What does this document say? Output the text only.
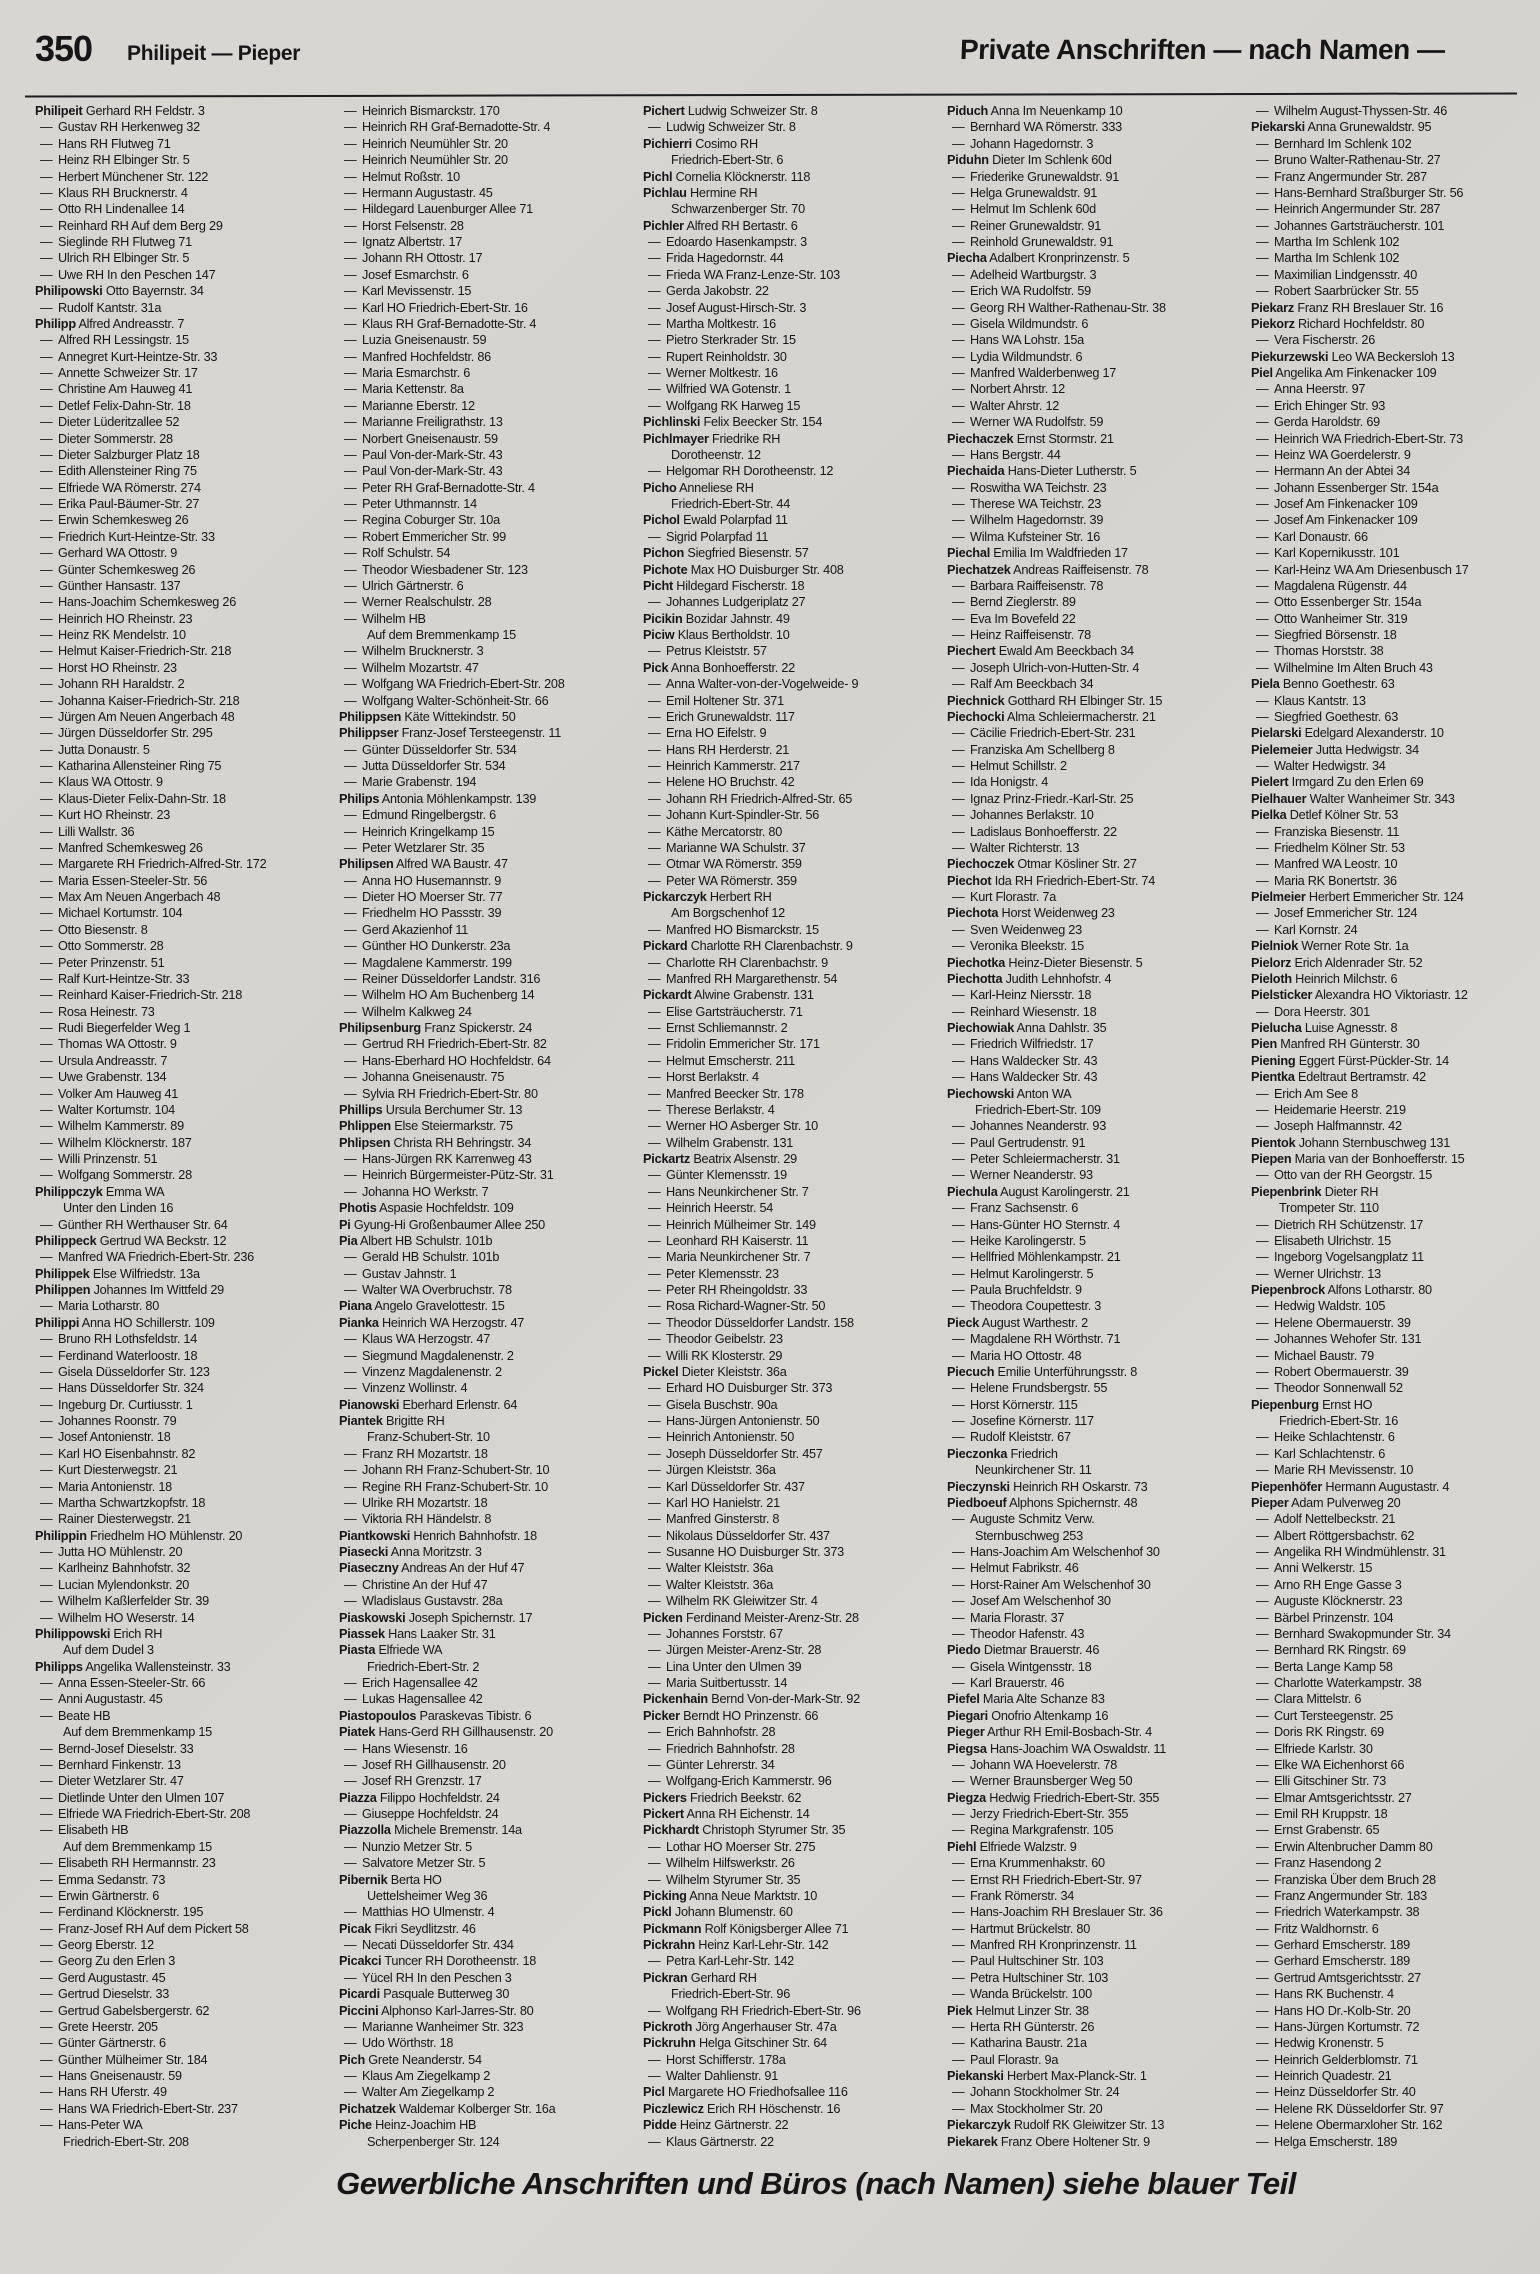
350 Philipeit — Pieper	Private Anschriften — nach Namen —
Philipeit Gerhard RH Feldstr. 3
— Gustav RH Herkenweg 32
— Hans RH Flutweg 71
— Heinz RH Elbinger Str. 5
— Herbert Münchener Str. 122
— Klaus RH Brucknerstr. 4
— Otto RH Lindenallee 14
— Reinhard RH Auf dem Berg 29
— Sieglinde RH Flutweg 71
— Ulrich RH Elbinger Str. 5
— Uwe RH In den Peschen 147
Philipowski Otto Bayernstr. 34
— Rudolf Kantstr. 31a
Philipp Alfred Andreasstr. 7
— Alfred RH Lessingstr. 15
— Annegret Kurt-Heintze-Str. 33
— Annette Schweizer Str. 17
— Christine Am Hauweg 41
— Detlef Felix-Dahn-Str. 18
— Dieter Lüderitzallee 52
— Dieter Sommerstr. 28
— Dieter Salzburger Platz 18
— Edith Allensteiner Ring 75
— Elfriede WA Römerstr. 274
— Erika Paul-Bäumer-Str. 27
— Erwin Schemkesweg 26
— Friedrich Kurt-Heintze-Str. 33
— Gerhard WA Ottostr. 9
— Günter Schemkesweg 26
— Günther Hansastr. 137
— Hans-Joachim Schemkesweg 26
— Heinrich HO Rheinstr. 23
— Heinz RK Mendelstr. 10
— Helmut Kaiser-Friedrich-Str. 218
— Horst HO Rheinstr. 23
— Johann RH Haraldstr. 2
— Johanna Kaiser-Friedrich-Str. 218
— Jürgen Am Neuen Angerbach 48
— Jürgen Düsseldorfer Str. 295
— Jutta Donaustr. 5
— Katharina Allensteiner Ring 75
— Klaus WA Ottostr. 9
— Klaus-Dieter Felix-Dahn-Str. 18
— Kurt HO Rheinstr. 23
— Lilli Wallstr. 36
— Manfred Schemkesweg 26
— Margarete RH Friedrich-Alfred-Str. 172
— Maria Essen-Steeler-Str. 56
— Max Am Neuen Angerbach 48
— Michael Kortumstr. 104
— Otto Biesenstr. 8
— Otto Sommerstr. 28
— Peter Prinzenstr. 51
— Ralf Kurt-Heintze-Str. 33
— Reinhard Kaiser-Friedrich-Str. 218
— Rosa Heinestr. 73
— Rudi Biegerfelder Weg 1
— Thomas WA Ottostr. 9
— Ursula Andreasstr. 7
— Uwe Grabenstr. 134
— Volker Am Hauweg 41
— Walter Kortumstr. 104
— Wilhelm Kammerstr. 89
— Wilhelm Klöcknerstr. 187
— Willi Prinzenstr. 51
— Wolfgang Sommerstr. 28
Philippczyk Emma WA
Unter den Linden 16
— Günther RH Werthauser Str. 64
Philippeck Gertrud WA Beckstr. 12
— Manfred WA Friedrich-Ebert-Str. 236
Philippek Else Wilfriedstr. 13a
Philippen Johannes Im Wittfeld 29
— Maria Lotharstr. 80
Philippi Anna HO Schillerstr. 109
— Bruno RH Lothsfeldstr. 14
— Ferdinand Waterloostr. 18
— Gisela Düsseldorfer Str. 123
— Hans Düsseldorfer Str. 324
— Ingeburg Dr. Curtiusstr. 1
— Johannes Roonstr. 79
— Josef Antonienstr. 18
— Karl HO Eisenbahnstr. 82
— Kurt Diesterwegstr. 21
— Maria Antonienstr. 18
— Martha Schwartzkopfstr. 18
— Rainer Diesterwegstr. 21
Philippin Friedhelm HO Mühlenstr. 20
— Jutta HO Mühlenstr. 20
— Karlheinz Bahnhofstr. 32
— Lucian Mylendonkstr. 20
— Wilhelm Kaßlerfelder Str. 39
— Wilhelm HO Weserstr. 14
Philippowski Erich RH
Auf dem Dudel 3
Philipps Angelika Wallensteinstr. 33
— Anna Essen-Steeler-Str. 66
— Anni Augustastr. 45
— Beate HB
Auf dem Bremmenkamp 15
— Bernd-Josef Dieselstr. 33
— Bernhard Finkenstr. 13
— Dieter Wetzlarer Str. 47
— Dietlinde Unter den Ulmen 107
— Elfriede WA Friedrich-Ebert-Str. 208
— Elisabeth HB
Auf dem Bremmenkamp 15
— Elisabeth RH Hermannstr. 23
— Emma Sedanstr. 73
— Erwin Gärtnerstr. 6
— Ferdinand Klöcknerstr. 195
— Franz-Josef RH Auf dem Pickert 58
— Georg Eberstr. 12
— Georg Zu den Erlen 3
— Gerd Augustastr. 45
— Gertrud Dieselstr. 33
— Gertrud Gabelsbergerstr. 62
— Grete Heerstr. 205
— Günter Gärtnerstr. 6
— Günther Mülheimer Str. 184
— Hans Gneisenaustr. 59
— Hans RH Uferstr. 49
— Hans WA Friedrich-Ebert-Str. 237
— Hans-Peter WA
Friedrich-Ebert-Str. 208
— Heinrich Bismarckstr. 170
— Heinrich RH Graf-Bernadotte-Str. 4
— Heinrich Neumühler Str. 20
— Heinrich Neumühler Str. 20
— Helmut Roßstr. 10
— Hermann Augustastr. 45
— Hildegard Lauenburger Allee 71
— Horst Felsenstr. 28
— Ignatz Albertstr. 17
— Johann RH Ottostr. 17
— Josef Esmarchstr. 6
— Karl Mevissenstr. 15
— Karl HO Friedrich-Ebert-Str. 16
— Klaus RH Graf-Bernadotte-Str. 4
— Luzia Gneisenaustr. 59
— Manfred Hochfeldstr. 86
— Maria Esmarchstr. 6
— Maria Kettenstr. 8a
— Marianne Eberstr. 12
— Marianne Freiligrathstr. 13
— Norbert Gneisenaustr. 59
— Paul Von-der-Mark-Str. 43
— Paul Von-der-Mark-Str. 43
— Peter RH Graf-Bernadotte-Str. 4
— Peter Uthmannstr. 14
— Regina Coburger Str. 10a
— Robert Emmericher Str. 99
— Rolf Schulstr. 54
— Theodor Wiesbadener Str. 123
— Ulrich Gärtnerstr. 6
— Werner Realschulstr. 28
— Wilhelm HB
Auf dem Bremmenkamp 15
— Wilhelm Brucknerstr. 3
— Wilhelm Mozartstr. 47
— Wolfgang WA Friedrich-Ebert-Str. 208
— Wolfgang Walter-Schönheit-Str. 66
Philippsen Käte Wittekindstr. 50
Philippser Franz-Josef Tersteegenstr. 11
— Günter Düsseldorfer Str. 534
— Jutta Düsseldorfer Str. 534
— Marie Grabenstr. 194
Philips Antonia Möhlenkampstr. 139
— Edmund Ringelbergstr. 6
— Heinrich Kringelkamp 15
— Peter Wetzlarer Str. 35
Philipsen Alfred WA Baustr. 47
— Anna HO Husemannstr. 9
— Dieter HO Moerser Str. 77
— Friedhelm HO Passstr. 39
— Gerd Akazienhof 11
— Günther HO Dunkerstr. 23a
— Magdalene Kammerstr. 199
— Reiner Düsseldorfer Landstr. 316
— Wilhelm HO Am Buchenberg 14
— Wilhelm Kalkweg 24
Philipsenburg Franz Spickerstr. 24
— Gertrud RH Friedrich-Ebert-Str. 82
— Hans-Eberhard HO Hochfeldstr. 64
— Johanna Gneisenaustr. 75
— Sylvia RH Friedrich-Ebert-Str. 80
Phillips Ursula Berchumer Str. 13
Phlippen Else Steiermarkstr. 75
Phlipsen Christa RH Behringstr. 34
— Hans-Jürgen RK Karrenweg 43
— Heinrich Bürgermeister-Pütz-Str. 31
— Johanna HO Werkstr. 7
Photis Aspasie Hochfeldstr. 109
Pi Gyung-Hi Großenbaumer Allee 250
Pia Albert HB Schulstr. 101b
— Gerald HB Schulstr. 101b
— Gustav Jahnstr. 1
— Walter WA Overbruchstr. 78
Piana Angelo Gravelottestr. 15
Pianka Heinrich WA Herzogstr. 47
— Klaus WA Herzogstr. 47
— Siegmund Magdalenenstr. 2
— Vinzenz Magdalenenstr. 2
— Vinzenz Wollinstr. 4
Pianowski Eberhard Erlenstr. 64
Piantek Brigitte RH
Franz-Schubert-Str. 10
— Franz RH Mozartstr. 18
— Johann RH Franz-Schubert-Str. 10
— Regine RH Franz-Schubert-Str. 10
— Ulrike RH Mozartstr. 18
— Viktoria RH Händelstr. 8
Piantkowski Henrich Bahnhofstr. 18
Piasecki Anna Moritzstr. 3
Piaseczny Andreas An der Huf 47
— Christine An der Huf 47
— Wladislaus Gustavstr. 28a
Piaskowski Joseph Spichernstr. 17
Piassek Hans Laaker Str. 31
Piasta Elfriede WA
Friedrich-Ebert-Str. 2
— Erich Hagensallee 42
— Lukas Hagensallee 42
Piastopoulos Paraskevas Tibistr. 6
Piatek Hans-Gerd RH Gillhausenstr. 20
— Hans Wiesenstr. 16
— Josef RH Gillhausenstr. 20
— Josef RH Grenzstr. 17
Piazza Filippo Hochfeldstr. 24
— Giuseppe Hochfeldstr. 24
Piazzolla Michele Bremenstr. 14a
— Nunzio Metzer Str. 5
— Salvatore Metzer Str. 5
Pibernik Berta HO
Uettelsheimer Weg 36
— Matthias HO Ulmenstr. 4
Picak Fikri Seydlitzstr. 46
— Necati Düsseldorfer Str. 434
Picakci Tuncer RH Dorotheenstr. 18
— Yücel RH In den Peschen 3
Picardi Pasquale Butterweg 30
Piccini Alphonso Karl-Jarres-Str. 80
— Marianne Wanheimer Str. 323
— Udo Wörthstr. 18
Pich Grete Neanderstr. 54
— Klaus Am Ziegelkamp 2
— Walter Am Ziegelkamp 2
Pichatzek Waldemar Kolberger Str. 16a
Piche Heinz-Joachim HB
Scherpenberger Str. 124
Pichert Ludwig Schweizer Str. 8
— Ludwig Schweizer Str. 8
Pichierri Cosimo RH
Friedrich-Ebert-Str. 6
Pichl Cornelia Klöcknerstr. 118
Pichlau Hermine RH
Schwarzenberger Str. 70
Pichler Alfred RH Bertastr. 6
— Edoardo Hasenkampstr. 3
— Frida Hagedornstr. 44
— Frieda WA Franz-Lenze-Str. 103
— Gerda Jakobstr. 22
— Josef August-Hirsch-Str. 3
— Martha Moltkestr. 16
— Pietro Sterkrader Str. 15
— Rupert Reinholdstr. 30
— Werner Moltkestr. 16
— Wilfried WA Gotenstr. 1
— Wolfgang RK Harweg 15
Pichlinski Felix Beecker Str. 154
Pichlmayer Friedrike RH
Dorotheenstr. 12
— Helgomar RH Dorotheenstr. 12
Picho Anneliese RH
Friedrich-Ebert-Str. 44
Pichol Ewald Polarpfad 11
— Sigrid Polarpfad 11
Pichon Siegfried Biesenstr. 57
Pichote Max HO Duisburger Str. 408
Picht Hildegard Fischerstr. 18
— Johannes Ludgeriplatz 27
Picikin Bozidar Jahnstr. 49
Piciw Klaus Bertholdstr. 10
— Petrus Kleiststr. 57
Pick Anna Bonhoefferstr. 22
— Anna Walter-von-der-Vogelweide- 9
— Emil Holtener Str. 371
— Erich Grunewaldstr. 117
— Erna HO Eifelstr. 9
— Hans RH Herderstr. 21
— Heinrich Kammerstr. 217
— Helene HO Bruchstr. 42
— Johann RH Friedrich-Alfred-Str. 65
— Johann Kurt-Spindler-Str. 56
— Käthe Mercatorstr. 80
— Marianne WA Schulstr. 37
— Otmar WA Römerstr. 359
— Peter WA Römerstr. 359
Pickarczyk Herbert RH
Am Borgschenhof 12
— Manfred HO Bismarckstr. 15
Pickard Charlotte RH Clarenbachstr. 9
— Charlotte RH Clarenbachstr. 9
— Manfred RH Margarethenstr. 54
Pickardt Alwine Grabenstr. 131
— Elise Gartsträucherstr. 71
— Ernst Schliemannstr. 2
— Fridolin Emmericher Str. 171
— Helmut Emscherstr. 211
— Horst Berlakstr. 4
— Manfred Beecker Str. 178
— Therese Berlakstr. 4
— Werner HO Asberger Str. 10
— Wilhelm Grabenstr. 131
Pickartz Beatrix Alsenstr. 29
— Günter Klemensstr. 19
— Hans Neunkirchener Str. 7
— Heinrich Heerstr. 54
— Heinrich Mülheimer Str. 149
— Leonhard RH Kaiserstr. 11
— Maria Neunkirchener Str. 7
— Peter Klemensstr. 23
— Peter RH Rheingoldstr. 33
— Rosa Richard-Wagner-Str. 50
— Theodor Düsseldorfer Landstr. 158
— Theodor Geibelstr. 23
— Willi RK Klosterstr. 29
Pickel Dieter Kleiststr. 36a
— Erhard HO Duisburger Str. 373
— Gisela Buschstr. 90a
— Hans-Jürgen Antonienstr. 50
— Heinrich Antonienstr. 50
— Joseph Düsseldorfer Str. 457
— Jürgen Kleiststr. 36a
— Karl Düsseldorfer Str. 437
— Karl HO Hanielstr. 21
— Manfred Ginsterstr. 8
— Nikolaus Düsseldorfer Str. 437
— Susanne HO Duisburger Str. 373
— Walter Kleiststr. 36a
— Walter Kleiststr. 36a
— Wilhelm RK Gleiwitzer Str. 4
Picken Ferdinand Meister-Arenz-Str. 28
— Johannes Forststr. 67
— Jürgen Meister-Arenz-Str. 28
— Lina Unter den Ulmen 39
— Maria Suitbertusstr. 14
Pickenhain Bernd Von-der-Mark-Str. 92
Picker Berndt HO Prinzenstr. 66
— Erich Bahnhofstr. 28
— Friedrich Bahnhofstr. 28
— Günter Lehrerstr. 34
— Wolfgang-Erich Kammerstr. 96
Pickers Friedrich Beekstr. 62
Pickert Anna RH Eichenstr. 14
Pickhardt Christoph Styrumer Str. 35
— Lothar HO Moerser Str. 275
— Wilhelm Hilfswerkstr. 26
— Wilhelm Styrumer Str. 35
Picking Anna Neue Marktstr. 10
Pickl Johann Blumenstr. 60
Pickmann Rolf Königsberger Allee 71
Pickrahn Heinz Karl-Lehr-Str. 142
— Petra Karl-Lehr-Str. 142
Pickran Gerhard RH
Friedrich-Ebert-Str. 96
— Wolfgang RH Friedrich-Ebert-Str. 96
Pickroth Jörg Angerhauser Str. 47a
Pickruhn Helga Gitschiner Str. 64
— Horst Schifferstr. 178a
— Walter Dahlienstr. 91
Picl Margarete HO Friedhofsallee 116
Piczlewicz Erich RH Höschenstr. 16
Pidde Heinz Gärtnerstr. 22
— Klaus Gärtnerstr. 22
Piduch Anna Im Neuenkamp 10
— Bernhard WA Römerstr. 333
— Johann Hagedornstr. 3
Piduhn Dieter Im Schlenk 60d
— Friederike Grunewaldstr. 91
— Helga Grunewaldstr. 91
— Helmut Im Schlenk 60d
— Reiner Grunewaldstr. 91
— Reinhold Grunewaldstr. 91
Piecha Adalbert Kronprinzenstr. 5
— Adelheid Wartburgstr. 3
— Erich WA Rudolfstr. 59
— Georg RH Walther-Rathenau-Str. 38
— Gisela Wildmundstr. 6
— Hans WA Lohstr. 15a
— Lydia Wildmundstr. 6
— Manfred Walderbenweg 17
— Norbert Ahrstr. 12
— Walter Ahrstr. 12
— Werner WA Rudolfstr. 59
Piechaczek Ernst Stormstr. 21
— Hans Bergstr. 44
Piechaida Hans-Dieter Lutherstr. 5
— Roswitha WA Teichstr. 23
— Therese WA Teichstr. 23
— Wilhelm Hagedornstr. 39
— Wilma Kufsteiner Str. 16
Piechal Emilia Im Waldfrieden 17
Piechatzek Andreas Raiffeisenstr. 78
— Barbara Raiffeisenstr. 78
— Bernd Zieglerstr. 89
— Eva Im Bovefeld 22
— Heinz Raiffeisenstr. 78
Piechert Ewald Am Beeckbach 34
— Joseph Ulrich-von-Hutten-Str. 4
— Ralf Am Beeckbach 34
Piechnick Gotthard RH Elbinger Str. 15
Piechocki Alma Schleiermacherstr. 21
— Cäcilie Friedrich-Ebert-Str. 231
— Franziska Am Schellberg 8
— Helmut Schillstr. 2
— Ida Honigstr. 4
— Ignaz Prinz-Friedr.-Karl-Str. 25
— Johannes Berlakstr. 10
— Ladislaus Bonhoefferstr. 22
— Walter Richterstr. 13
Piechoczek Otmar Kösliner Str. 27
Piechot Ida RH Friedrich-Ebert-Str. 74
— Kurt Florastr. 7a
Piechota Horst Weidenweg 23
— Sven Weidenweg 23
— Veronika Bleekstr. 15
Piechotka Heinz-Dieter Biesenstr. 5
Piechotta Judith Lehnhofstr. 4
— Karl-Heinz Niersstr. 18
— Reinhard Wiesenstr. 18
Piechowiak Anna Dahlstr. 35
— Friedrich Wilfriedstr. 17
— Hans Waldecker Str. 43
— Hans Waldecker Str. 43
Piechowski Anton WA
Friedrich-Ebert-Str. 109
— Johannes Neanderstr. 93
— Paul Gertrudenstr. 91
— Peter Schleiermacherstr. 31
— Werner Neanderstr. 93
Piechula August Karolingerstr. 21
— Franz Sachsenstr. 6
— Hans-Günter HO Sternstr. 4
— Heike Karolingerstr. 5
— Hellfried Möhlenkampstr. 21
— Helmut Karolingerstr. 5
— Paula Bruchfeldstr. 9
— Theodora Coupettestr. 3
Pieck August Warthestr. 2
— Magdalene RH Wörthstr. 71
— Maria HO Ottostr. 48
Piecuch Emilie Unterführungsstr. 8
— Helene Frundsbergstr. 55
— Horst Körnerstr. 115
— Josefine Körnerstr. 117
— Rudolf Kleiststr. 67
Pieczonka Friedrich
Neunkirchener Str. 11
Pieczynski Heinrich RH Oskarstr. 73
Piedboeuf Alphons Spichernstr. 48
— Auguste Schmitz Verw.
Sternbuschweg 253
— Hans-Joachim Am Welschenhof 30
— Helmut Fabrikstr. 46
— Horst-Rainer Am Welschenhof 30
— Josef Am Welschenhof 30
— Maria Florastr. 37
— Theodor Hafenstr. 43
Piedo Dietmar Brauerstr. 46
— Gisela Wintgensstr. 18
— Karl Brauerstr. 46
Piefel Maria Alte Schanze 83
Piegari Onofrio Altenkamp 16
Pieger Arthur RH Emil-Bosbach-Str. 4
Piegsa Hans-Joachim WA Oswaldstr. 11
— Johann WA Hoevelerstr. 78
— Werner Braunsberger Weg 50
Piegza Hedwig Friedrich-Ebert-Str. 355
— Jerzy Friedrich-Ebert-Str. 355
— Regina Markgrafenstr. 105
Piehl Elfriede Walzstr. 9
— Erna Krummenhakstr. 60
— Ernst RH Friedrich-Ebert-Str. 97
— Frank Römerstr. 34
— Hans-Joachim RH Breslauer Str. 36
— Hartmut Brückelstr. 80
— Manfred RH Kronprinzenstr. 11
— Paul Hultschiner Str. 103
— Petra Hultschiner Str. 103
— Wanda Brückelstr. 100
Piek Helmut Linzer Str. 38
— Herta RH Günterstr. 26
— Katharina Baustr. 21a
— Paul Florastr. 9a
Piekanski Herbert Max-Planck-Str. 1
— Johann Stockholmer Str. 24
— Max Stockholmer Str. 20
Piekarczyk Rudolf RK Gleiwitzer Str. 13
Piekarek Franz Obere Holtener Str. 9
— Wilhelm August-Thyssen-Str. 46
Piekarski Anna Grunewaldstr. 95
— Bernhard Im Schlenk 102
— Bruno Walter-Rathenau-Str. 27
— Franz Angermunder Str. 287
— Hans-Bernhard Straßburger Str. 56
— Heinrich Angermunder Str. 287
— Johannes Gartsträucherstr. 101
— Martha Im Schlenk 102
— Martha Im Schlenk 102
— Maximilian Lindgensstr. 40
— Robert Saarbrücker Str. 55
Piekarz Franz RH Breslauer Str. 16
Piekorz Richard Hochfeldstr. 80
— Vera Fischerstr. 26
Piekurzewski Leo WA Beckersloh 13
Piel Angelika Am Finkenacker 109
— Anna Heerstr. 97
— Erich Ehinger Str. 93
— Gerda Haroldstr. 69
— Heinrich WA Friedrich-Ebert-Str. 73
— Heinz WA Goerdelerstr. 9
— Hermann An der Abtei 34
— Johann Essenberger Str. 154a
— Josef Am Finkenacker 109
— Josef Am Finkenacker 109
— Karl Donaustr. 66
— Karl Kopernikusstr. 101
— Karl-Heinz WA Am Driesenbusch 17
— Magdalena Rügenstr. 44
— Otto Essenberger Str. 154a
— Otto Wanheimer Str. 319
— Siegfried Börsenstr. 18
— Thomas Horststr. 38
— Wilhelmine Im Alten Bruch 43
Piela Benno Goethestr. 63
— Klaus Kantstr. 13
— Siegfried Goethestr. 63
Pielarski Edelgard Alexanderstr. 10
Pielemeier Jutta Hedwigstr. 34
— Walter Hedwigstr. 34
Pielert Irmgard Zu den Erlen 69
Pielhauer Walter Wanheimer Str. 343
Pielka Detlef Kölner Str. 53
— Franziska Biesenstr. 11
— Friedhelm Kölner Str. 53
— Manfred WA Leostr. 10
— Maria RK Bonertstr. 36
Pielmeier Herbert Emmericher Str. 124
— Josef Emmericher Str. 124
— Karl Kornstr. 24
Pielniok Werner Rote Str. 1a
Pielorz Erich Aldenrader Str. 52
Pieloth Heinrich Milchstr. 6
Pielsticker Alexandra HO Viktoriastr. 12
— Dora Heerstr. 301
Pielucha Luise Agnesstr. 8
Pien Manfred RH Günterstr. 30
Piening Eggert Fürst-Pückler-Str. 14
Pientka Edeltraut Bertramstr. 42
— Erich Am See 8
— Heidemarie Heerstr. 219
— Joseph Halfmannstr. 42
Pientok Johann Sternbuschweg 131
Piepen Maria van der Bonhoefferstr. 15
— Otto van der RH Georgstr. 15
Piepenbrink Dieter RH
Trompeter Str. 110
— Dietrich RH Schützenstr. 17
— Elisabeth Ulrichstr. 15
— Ingeborg Vogelsangplatz 11
— Werner Ulrichstr. 13
Piepenbrock Alfons Lotharstr. 80
— Hedwig Waldstr. 105
— Helene Obermauerstr. 39
— Johannes Wehofer Str. 131
— Michael Baustr. 79
— Robert Obermauerstr. 39
— Theodor Sonnenwall 52
Piepenburg Ernst HO
Friedrich-Ebert-Str. 16
— Heike Schlachtenstr. 6
— Karl Schlachtenstr. 6
— Marie RH Mevissenstr. 10
Piepenhöfer Hermann Augustastr. 4
Pieper Adam Pulverweg 20
— Adolf Nettelbeckstr. 21
— Albert Röttgersbachstr. 62
— Angelika RH Windmühlenstr. 31
— Anni Welkerstr. 15
— Arno RH Enge Gasse 3
— Auguste Klöcknerstr. 23
— Bärbel Prinzenstr. 104
— Bernhard Swakopmunder Str. 34
— Bernhard RK Ringstr. 69
— Berta Lange Kamp 58
— Charlotte Waterkampstr. 38
— Clara Mittelstr. 6
— Curt Tersteegenstr. 25
— Doris RK Ringstr. 69
— Elfriede Karlstr. 30
— Elke WA Eichenhorst 66
— Elli Gitschiner Str. 73
— Elmar Amtsgerichtsstr. 27
— Emil RH Kruppstr. 18
— Ernst Grabenstr. 65
— Erwin Altenbrucher Damm 80
— Franz Hasendong 2
— Franziska Über dem Bruch 28
— Franz Angermunder Str. 183
— Friedrich Waterkampstr. 38
— Fritz Waldhornstr. 6
— Gerhard Emscherstr. 189
— Gerhard Emscherstr. 189
— Gertrud Amtsgerichtsstr. 27
— Hans RK Buchenstr. 4
— Hans HO Dr.-Kolb-Str. 20
— Hans-Jürgen Kortumstr. 72
— Hedwig Kronenstr. 5
— Heinrich Gelderblomstr. 71
— Heinrich Quadestr. 21
— Heinz Düsseldorfer Str. 40
— Helene RK Düsseldorfer Str. 97
— Helene Obermarxloher Str. 162
— Helga Emscherstr. 189
Gewerbliche Anschriften und Büros (nach Namen) siehe blauer Teil
